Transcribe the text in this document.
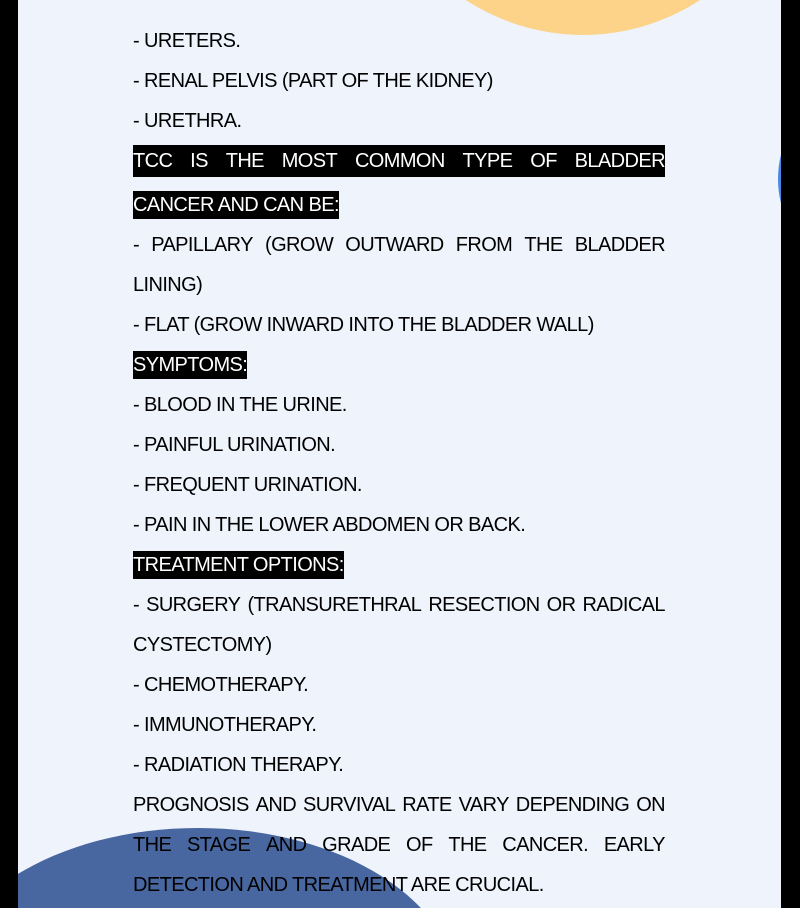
- URETERS.
- RENAL PELVIS (PART OF THE KIDNEY)
- URETHRA.
TCC IS THE MOST COMMON TYPE OF BLADDER
CANCER AND CAN BE:
- PAPILLARY (GROW OUTWARD FROM THE BLADDER
LINING)
- FLAT (GROW INWARD INTO THE BLADDER WALL)
SYMPTOMS:
- BLOOD IN THE URINE.
- PAINFUL URINATION.
- FREQUENT URINATION.
- PAIN IN THE LOWER ABDOMEN OR BACK.
TREATMENT OPTIONS:
- SURGERY (TRANSURETHRAL RESECTION OR RADICAL
CYSTECTOMY)
- CHEMOTHERAPY.
- IMMUNOTHERAPY.
- RADIATION THERAPY.
PROGNOSIS AND SURVIVAL RATE VARY DEPENDING ON
THE STAGE AND GRADE OF THE CANCER. EARLY
DETECTION AND TREATMENT ARE CRUCIAL.
